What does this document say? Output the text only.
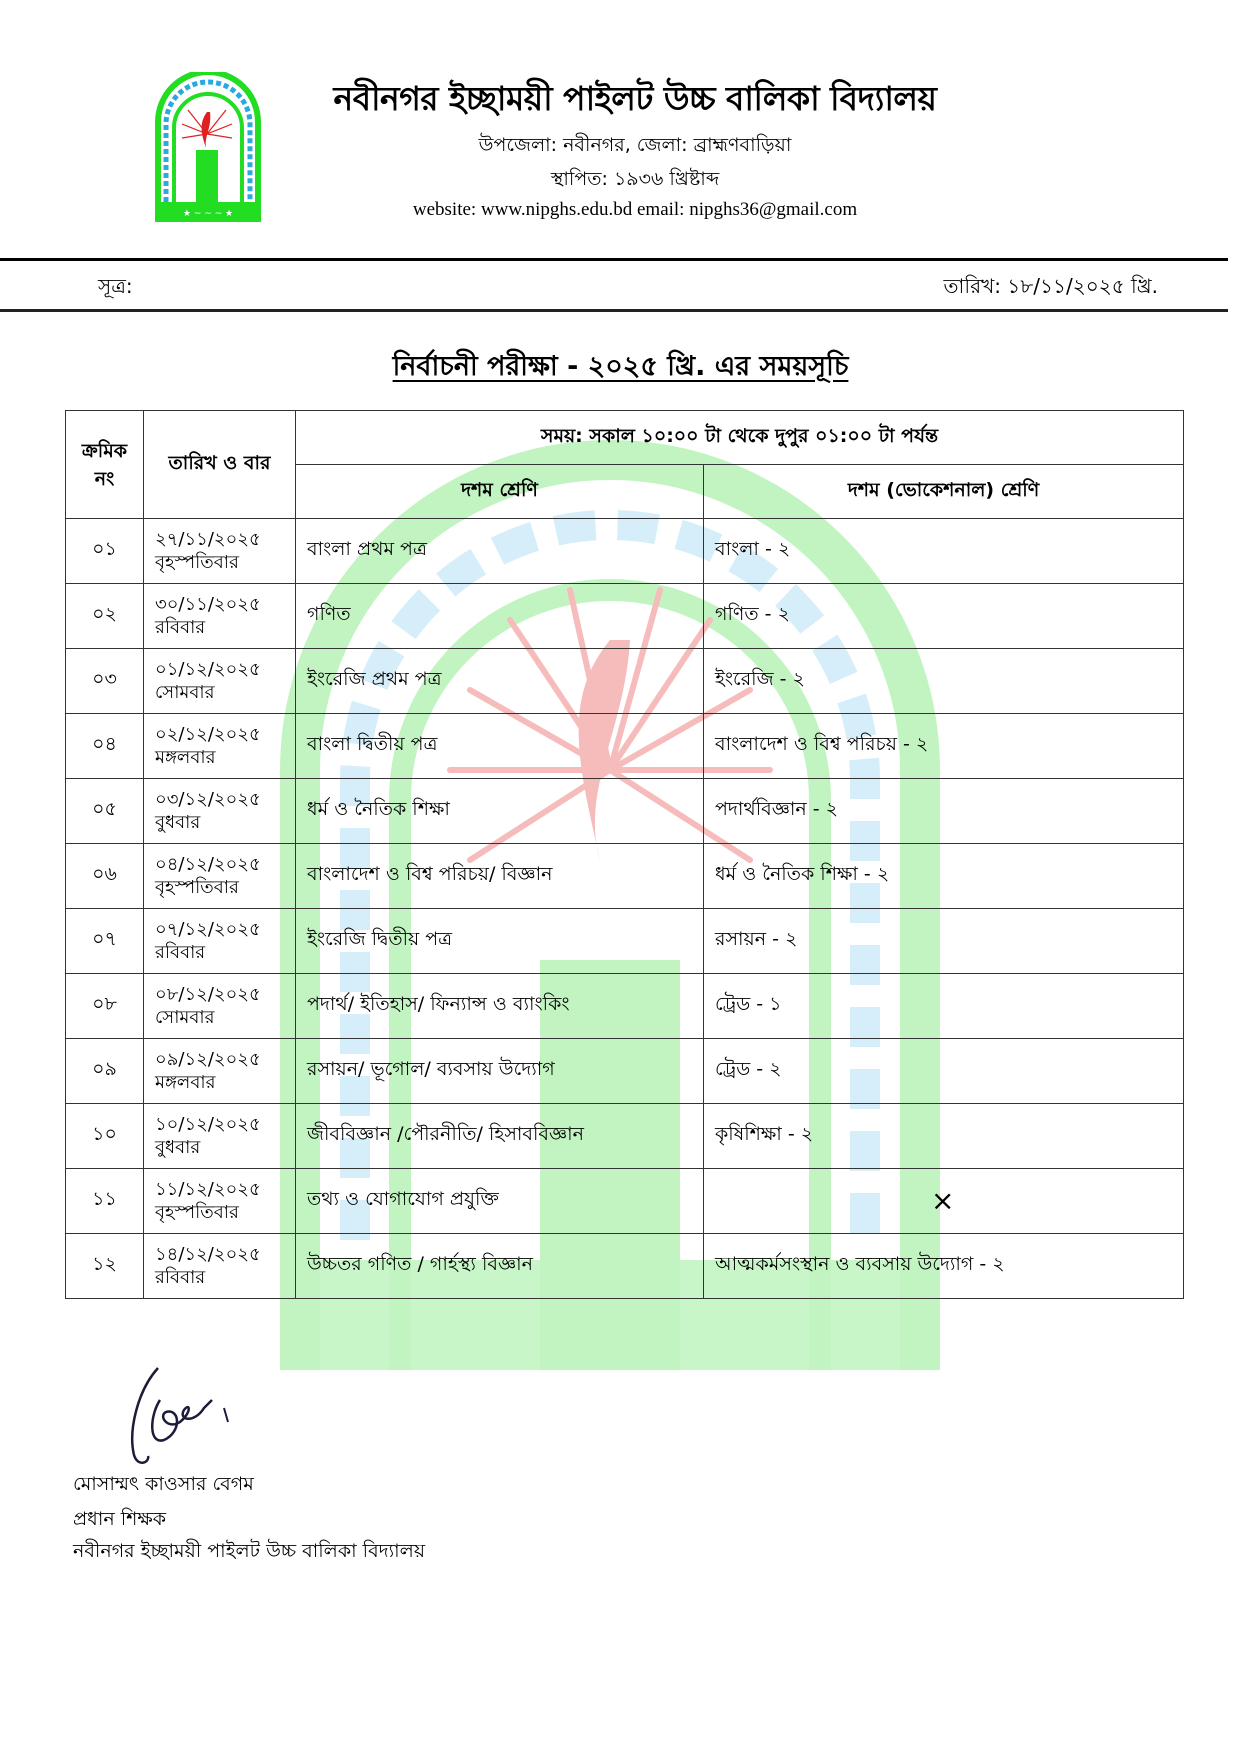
★ ~ ~ ~ ★
নবীনগর ইচ্ছাময়ী পাইলট উচ্চ বালিকা বিদ্যালয়
উপজেলা: নবীনগর, জেলা: ব্রাহ্মণবাড়িয়া
স্থাপিত: ১৯৩৬ খ্রিষ্টাব্দ
website: www.nipghs.edu.bd email: nipghs36@gmail.com
সূত্র:	তারিখ: ১৮/১১/২০২৫ খ্রি.
নির্বাচনী পরীক্ষা - ২০২৫ খ্রি. এর সময়সূচি
ক্রমিক নং	তারিখ ও বার	সময়: সকাল ১০:০০ টা থেকে দুপুর ০১:০০ টা পর্যন্ত	
		দশম শ্রেণি	দশম (ভোকেশনাল) শ্রেণি
০১	২৭/১১/২০২৫
বৃহস্পতিবার	বাংলা প্রথম পত্র	বাংলা - ২
০২	৩০/১১/২০২৫
রবিবার	গণিত	গণিত - ২
০৩	০১/১২/২০২৫
সোমবার	ইংরেজি প্রথম পত্র	ইংরেজি - ২
০৪	০২/১২/২০২৫
মঙ্গলবার	বাংলা দ্বিতীয় পত্র	বাংলাদেশ ও বিশ্ব পরিচয় - ২
০৫	০৩/১২/২০২৫
বুধবার	ধর্ম ও নৈতিক শিক্ষা	পদার্থবিজ্ঞান - ২
০৬	০৪/১২/২০২৫
বৃহস্পতিবার	বাংলাদেশ ও বিশ্ব পরিচয়/ বিজ্ঞান	ধর্ম ও নৈতিক শিক্ষা - ২
০৭	০৭/১২/২০২৫
রবিবার	ইংরেজি দ্বিতীয় পত্র	রসায়ন - ২
০৮	০৮/১২/২০২৫
সোমবার	পদার্থ/ ইতিহাস/ ফিন্যান্স ও ব্যাংকিং	ট্রেড - ১
০৯	০৯/১২/২০২৫
মঙ্গলবার	রসায়ন/ ভূগোল/ ব্যবসায় উদ্যোগ	ট্রেড - ২
১০	১০/১২/২০২৫
বুধবার	জীববিজ্ঞান /পৌরনীতি/ হিসাববিজ্ঞান	কৃষিশিক্ষা - ২
১১	১১/১২/২০২৫
বৃহস্পতিবার	তথ্য ও যোগাযোগ প্রযুক্তি	×

১২	১৪/১২/২০২৫
রবিবার	উচ্চতর গণিত / গার্হস্থ্য বিজ্ঞান	আত্মকর্মসংস্থান ও ব্যবসায় উদ্যোগ - ২
মোসাম্মৎ কাওসার বেগম
প্রধান শিক্ষক
নবীনগর ইচ্ছাময়ী পাইলট উচ্চ বালিকা বিদ্যালয়
